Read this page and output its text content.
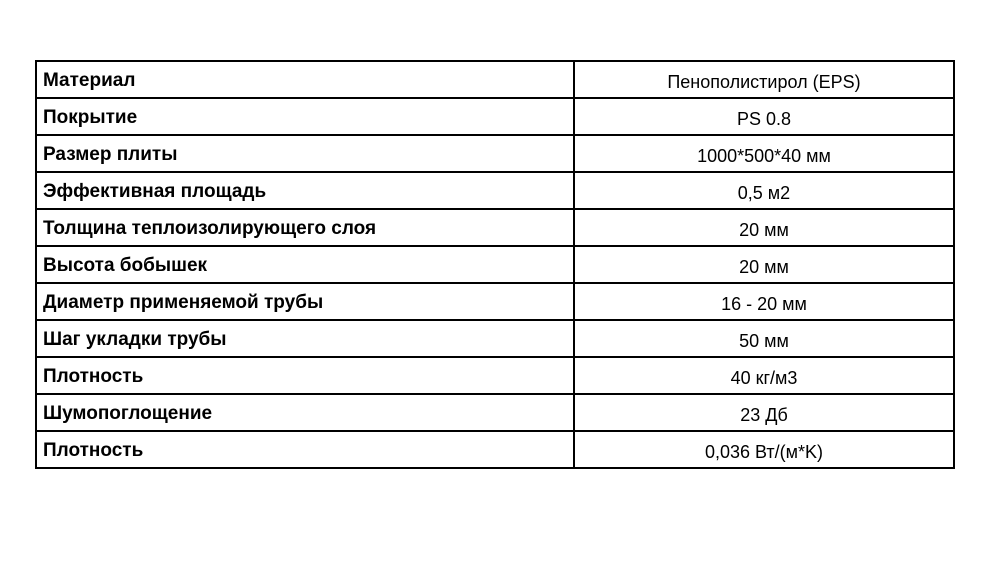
Материал	Пенополистирол (EPS)
Покрытие	PS 0.8
Размер плиты	1000*500*40 мм
Эффективная площадь	0,5 м2
Толщина теплоизолирующего слоя	20 мм
Высота бобышек	20 мм
Диаметр применяемой трубы	16 - 20 мм
Шаг укладки трубы	50 мм
Плотность	40 кг/м3
Шумопоглощение	23 Дб
Плотность	0,036 Вт/(м*K)
